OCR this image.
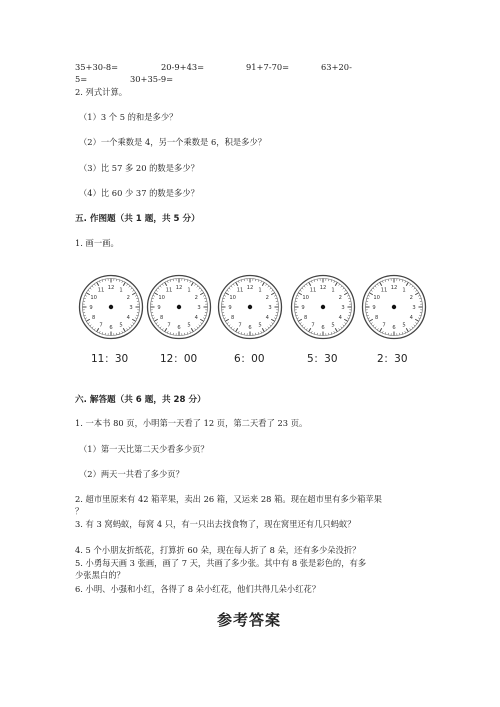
35+30-8=	20-9+43=	91+7-70=	63+20-
5=	30+35-9=
2. 列式计算。
（1）3 个 5 的和是多少？
（2）一个乘数是 4，另一个乘数是 6，积是多少？
（3）比 57 多 20 的数是多少？
（4）比 60 少 37 的数是多少？
五. 作图题（共 1 题，共 5 分）
1. 画一画。
1
2
3
4
5
6
7
8
9
10
11 12	1
2
3
4
5
6
7
8
9
10
11 12	1
2
3
4
5
6
7
8
9
10
11 12	1
2
3
4
5
6
7
8
9
10
11 12	1
2
3
4
5
6
7
8
9
10
11 12
11：30	12：00	6：00	5：30	2：30
六. 解答题（共 6 题，共 28 分）
1. 一本书 80 页，小明第一天看了 12 页，第二天看了 23 页。
（1）第一天比第二天少看多少页？
（2）两天一共看了多少页？
2. 超市里原来有 42 箱苹果，卖出 26 箱，又运来 28 箱。现在超市里有多少箱苹果
？
3. 有 3 窝蚂蚁，每窝 4 只，有一只出去找食物了，现在窝里还有几只蚂蚁？
4. 5 个小朋友折纸花，打算折 60 朵，现在每人折了 8 朵，还有多少朵没折？
5. 小勇每天画 3 张画，画了 7 天，共画了多少张。其中有 8 张是彩色的，有多
少张黑白的？
6. 小明、小强和小红，各得了 8 朵小红花，他们共得几朵小红花？
参考答案
